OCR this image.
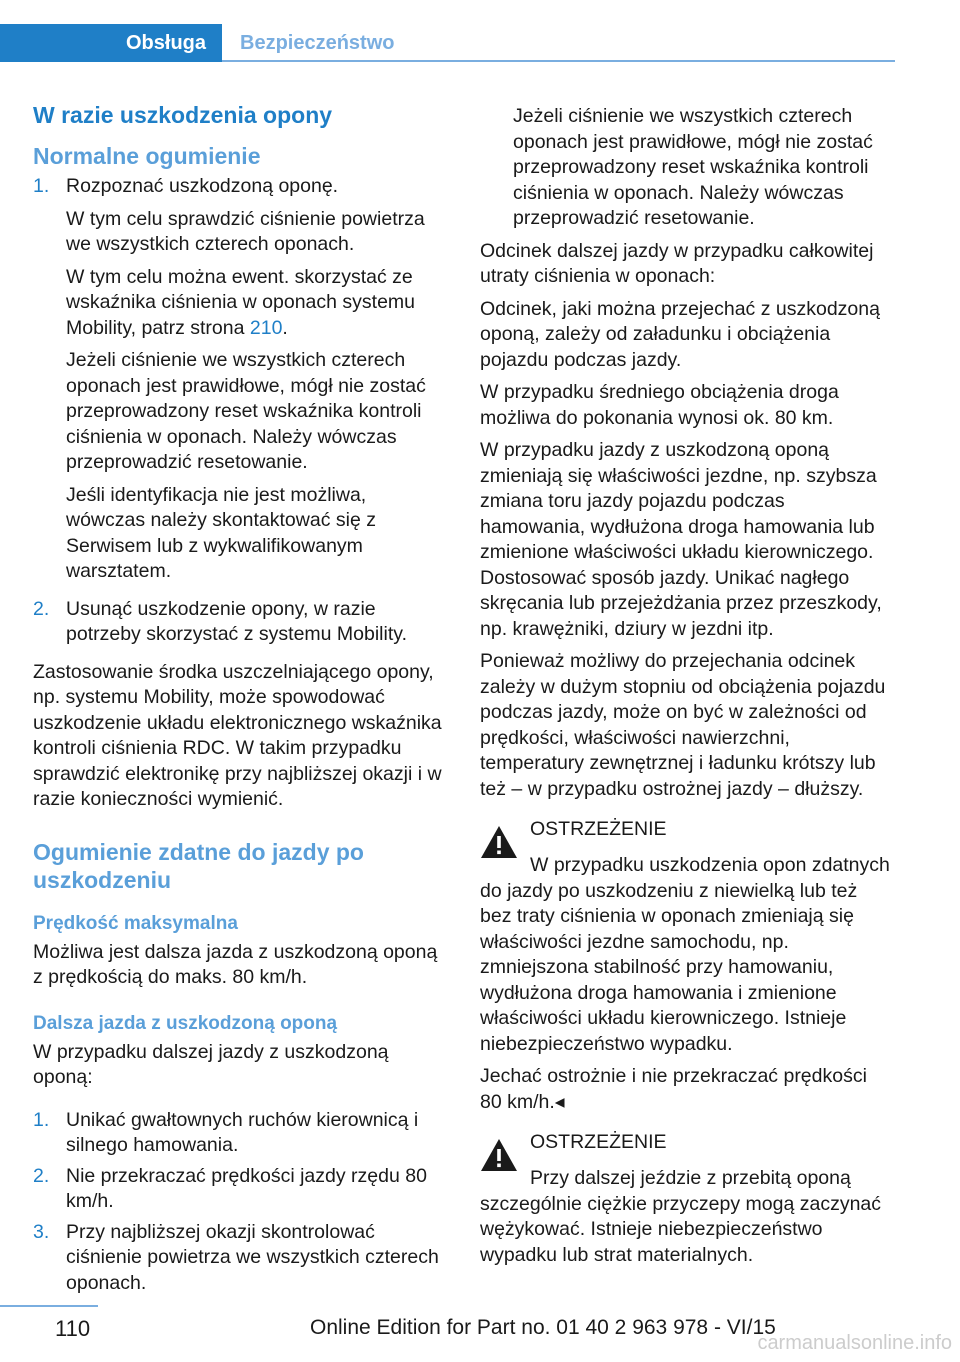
Obsługa	Bezpieczeństwo
W razie uszkodzenia opony
Normalne ogumienie
1. Rozpoznać uszkodzoną oponę.

W tym celu sprawdzić ciśnienie powietrza we wszystkich czterech oponach.

W tym celu można ewent. skorzystać ze wskaźnika ciśnienia w oponach systemu Mobility, patrz strona 210.

Jeżeli ciśnienie we wszystkich czterech oponach jest prawidłowe, mógł nie zostać przeprowadzony reset wskaźnika kontroli ciśnienia w oponach. Należy wówczas przeprowadzić resetowanie.

Jeśli identyfikacja nie jest możliwa, wówczas należy skontaktować się z Serwisem lub z wykwalifikowanym warsztatem.

2. Usunąć uszkodzenie opony, w razie potrzeby skorzystać z systemu Mobility.

Zastosowanie środka uszczelniającego opony, np. systemu Mobility, może spowodować uszkodzenie układu elektronicznego wskaźnika kontroli ciśnienia RDC. W takim przypadku sprawdzić elektronikę przy najbliższej okazji i w razie konieczności wymienić.

Ogumienie zdatne do jazdy po uszkodzeniu
Prędkość maksymalna

Możliwa jest dalsza jazda z uszkodzoną oponą z prędkością do maks. 80 km/h.

Dalsza jazda z uszkodzoną oponą

W przypadku dalszej jazdy z uszkodzoną oponą:

1. Unikać gwałtownych ruchów kierownicą i silnego hamowania.
2. Nie przekraczać prędkości jazdy rzędu 80 km/h.
3. Przy najbliższej okazji skontrolować ciśnienie powietrza we wszystkich czterech oponach.

Jeżeli ciśnienie we wszystkich czterech oponach jest prawidłowe, mógł nie zostać przeprowadzony reset wskaźnika kontroli ciśnienia w oponach. Należy wówczas przeprowadzić resetowanie.

Odcinek dalszej jazdy w przypadku całkowitej utraty ciśnienia w oponach:

Odcinek, jaki można przejechać z uszkodzoną oponą, zależy od załadunku i obciążenia pojazdu podczas jazdy.

W przypadku średniego obciążenia droga możliwa do pokonania wynosi ok. 80 km.

W przypadku jazdy z uszkodzoną oponą zmieniają się właściwości jezdne, np. szybsza zmiana toru jazdy pojazdu podczas hamowania, wydłużona droga hamowania lub zmienione właściwości układu kierowniczego. Dostosować sposób jazdy. Unikać nagłego skręcania lub przejeżdżania przez przeszkody, np. krawężniki, dziury w jezdni itp.

Ponieważ możliwy do przejechania odcinek zależy w dużym stopniu od obciążenia pojazdu podczas jazdy, może on być w zależności od prędkości, właściwości nawierzchni, temperatury zewnętrznej i ładunku krótszy lub też – w przypadku ostrożnej jazdy – dłuższy.

OSTRZEŻENIE

W przypadku uszkodzenia opon zdatnych do jazdy po uszkodzeniu z niewielką lub też bez traty ciśnienia w oponach zmieniają się właściwości jezdne samochodu, np. zmniejszona stabilność przy hamowaniu, wydłużona droga hamowania i zmienione właściwości układu kierowniczego. Istnieje niebezpieczeństwo wypadku.

Jechać ostrożnie i nie przekraczać prędkości 80 km/h.◂

OSTRZEŻENIE

Przy dalszej jeździe z przebitą oponą szczególnie ciężkie przyczepy mogą zaczynać wężykować. Istnieje niebezpieczeństwo wypadku lub strat materialnych.

110	Online Edition for Part no. 01 40 2 963 978 - VI/15
carmanualsonline.info
